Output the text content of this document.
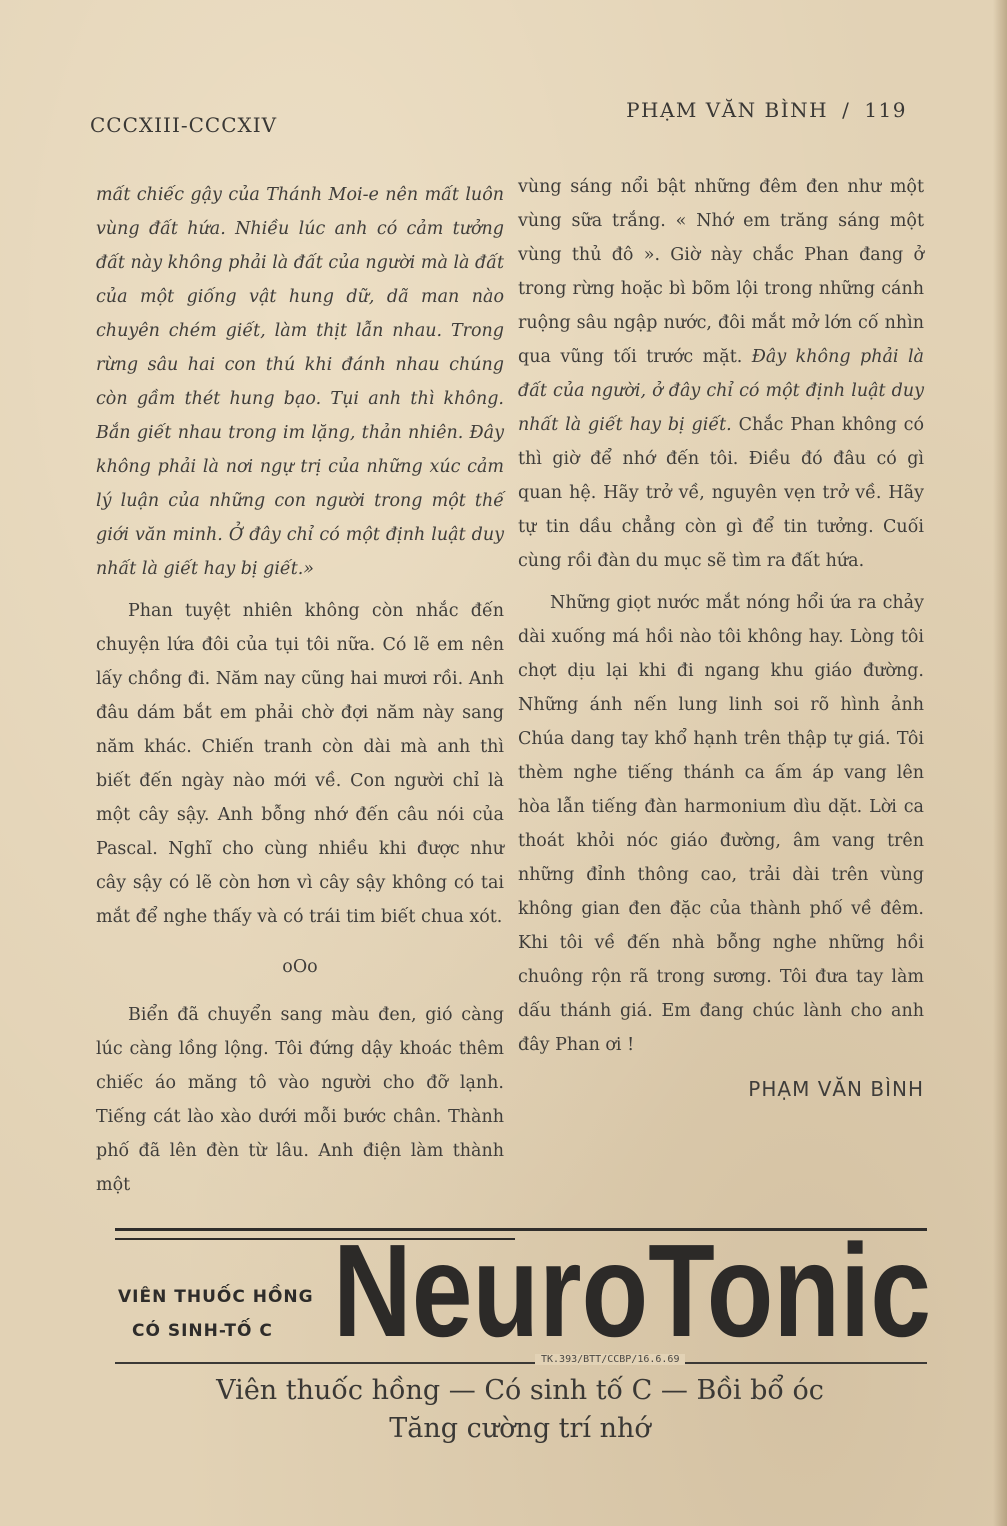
CCCXIII-CCCXIV
PHẠM VĂN BÌNH / 119

mất chiếc gậy của Thánh Moi-e nên mất luôn vùng đất hứa. Nhiều lúc anh có cảm tưởng đất này không phải là đất của người mà là đất của một giống vật hung dữ, dã man nào chuyên chém giết, làm thịt lẫn nhau. Trong rừng sâu hai con thú khi đánh nhau chúng còn gầm thét hung bạo. Tụi anh thì không. Bắn giết nhau trong im lặng, thản nhiên. Đây không phải là nơi ngự trị của những xúc cảm lý luận của những con người trong một thế giới văn minh. Ở đây chỉ có một định luật duy nhất là giết hay bị giết.»

Phan tuyệt nhiên không còn nhắc đến chuyện lứa đôi của tụi tôi nữa. Có lẽ em nên lấy chồng đi. Năm nay cũng hai mươi rồi. Anh đâu dám bắt em phải chờ đợi năm này sang năm khác. Chiến tranh còn dài mà anh thì biết đến ngày nào mới về. Con người chỉ là một cây sậy. Anh bỗng nhớ đến câu nói của Pascal. Nghĩ cho cùng nhiều khi được như cây sậy có lẽ còn hơn vì cây sậy không có tai mắt để nghe thấy và có trái tim biết chua xót.

oOo

Biển đã chuyển sang màu đen, gió càng lúc càng lồng lộng. Tôi đứng dậy khoác thêm chiếc áo măng tô vào người cho đỡ lạnh. Tiếng cát lào xào dưới mỗi bước chân. Thành phố đã lên đèn từ lâu. Anh điện làm thành một

vùng sáng nổi bật những đêm đen như một vùng sữa trắng. « Nhớ em trăng sáng một vùng thủ đô ». Giờ này chắc Phan đang ở trong rừng hoặc bì bõm lội trong những cánh ruộng sâu ngập nước, đôi mắt mở lớn cố nhìn qua vũng tối trước mặt. Đây không phải là đất của người, ở đây chỉ có một định luật duy nhất là giết hay bị giết. Chắc Phan không có thì giờ để nhớ đến tôi. Điều đó đâu có gì quan hệ. Hãy trở về, nguyên vẹn trở về. Hãy tự tin dầu chẳng còn gì để tin tưởng. Cuối cùng rồi đàn du mục sẽ tìm ra đất hứa.

Những giọt nước mắt nóng hổi ứa ra chảy dài xuống má hồi nào tôi không hay. Lòng tôi chợt dịu lại khi đi ngang khu giáo đường. Những ánh nến lung linh soi rõ hình ảnh Chúa dang tay khổ hạnh trên thập tự giá. Tôi thèm nghe tiếng thánh ca ấm áp vang lên hòa lẫn tiếng đàn harmonium dìu dặt. Lời ca thoát khỏi nóc giáo đường, âm vang trên những đỉnh thông cao, trải dài trên vùng không gian đen đặc của thành phố về đêm. Khi tôi về đến nhà bỗng nghe những hồi chuông rộn rã trong sương. Tôi đưa tay làm dấu thánh giá. Em đang chúc lành cho anh đây Phan ơi !

PHẠM VĂN BÌNH

VIÊN THUỐC HỒNG
CÓ SINH-TỐ C NeuroTonic
TK.393/BTT/CCBP/16.6.69
Viên thuốc hồng — Có sinh tố C — Bồi bổ óc
Tăng cường trí nhớ
